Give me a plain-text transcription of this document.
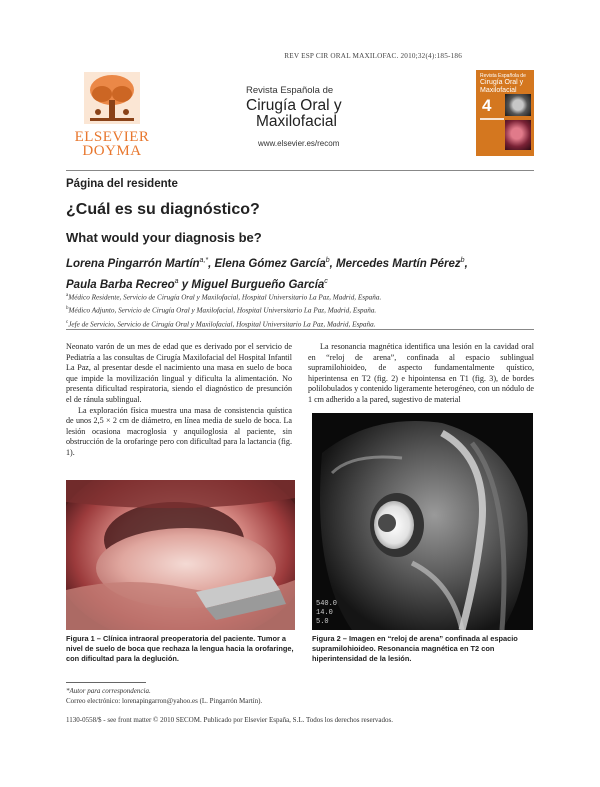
REV ESP CIR ORAL MAXILOFAC. 2010;32(4):185-186
ELSEVIER
DOYMA
Revista Española de
Cirugía Oral y
Maxilofacial
www.elsevier.es/recom
Revista Española de
Cirugía Oral y
Maxilofacial
4
Página del residente
¿Cuál es su diagnóstico?
What would your diagnosis be?
Lorena Pingarrón Martín$^{a,*}$, Elena Gómez García$^b$, Mercedes Martín Pérez$^b$,
Paula Barba Recreo$^a$ y Miguel Burgueño García$^c$
$^a$Médico Residente, Servicio de Cirugía Oral y Maxilofacial, Hospital Universitario La Paz, Madrid, España.
$^b$Médico Adjunto, Servicio de Cirugía Oral y Maxilofacial, Hospital Universitario La Paz, Madrid, España.
$^c$Jefe de Servicio, Servicio de Cirugía Oral y Maxilofacial, Hospital Universitario La Paz, Madrid, España.

Neonato varón de un mes de edad que es derivado por el servicio de Pediatría a las consultas de Cirugía Maxilofacial del Hospital Infantil La Paz, al presentar desde el nacimiento una masa en suelo de boca que impide la movilización lingual y dificulta la alimentación. No presenta dificultad respiratoria, siendo el diagnóstico de presunción el de ránula sublingual.

La exploración física muestra una masa de consistencia quística de unos 2,5 × 2 cm de diámetro, en línea media de suelo de boca. La lesión ocasiona macroglosia y anquiloglosia al paciente, sin obstrucción de la orofaringe pero con dificultad para la lactancia (fig. 1).

La resonancia magnética identifica una lesión en la cavidad oral en “reloj de arena”, confinada al espacio sublingual supramilohioideo, de aspecto fundamentalmente quístico, hiperintensa en T2 (fig. 2) e hipointensa en T1 (fig. 3), de bordes polilobulados y contenido ligeramente heterogéneo, con un nódulo de 1 cm adherido a la pared, sugestivo de material

540.0
14.0
5.0
Figura 1 – Clínica intraoral preoperatoria del paciente. Tumor a nivel de suelo de boca que rechaza la lengua hacia la orofaringe, con dificultad para la deglución.
Figura 2 – Imagen en “reloj de arena” confinada al espacio supramilohioideo. Resonancia magnética en T2 con hiperintensidad de la lesión.
*Autor para correspondencia.
Correo electrónico: lorenapingarron@yahoo.es (L. Pingarrón Martín).
1130-0558/$ - see front matter © 2010 SECOM. Publicado por Elsevier España, S.L. Todos los derechos reservados.
